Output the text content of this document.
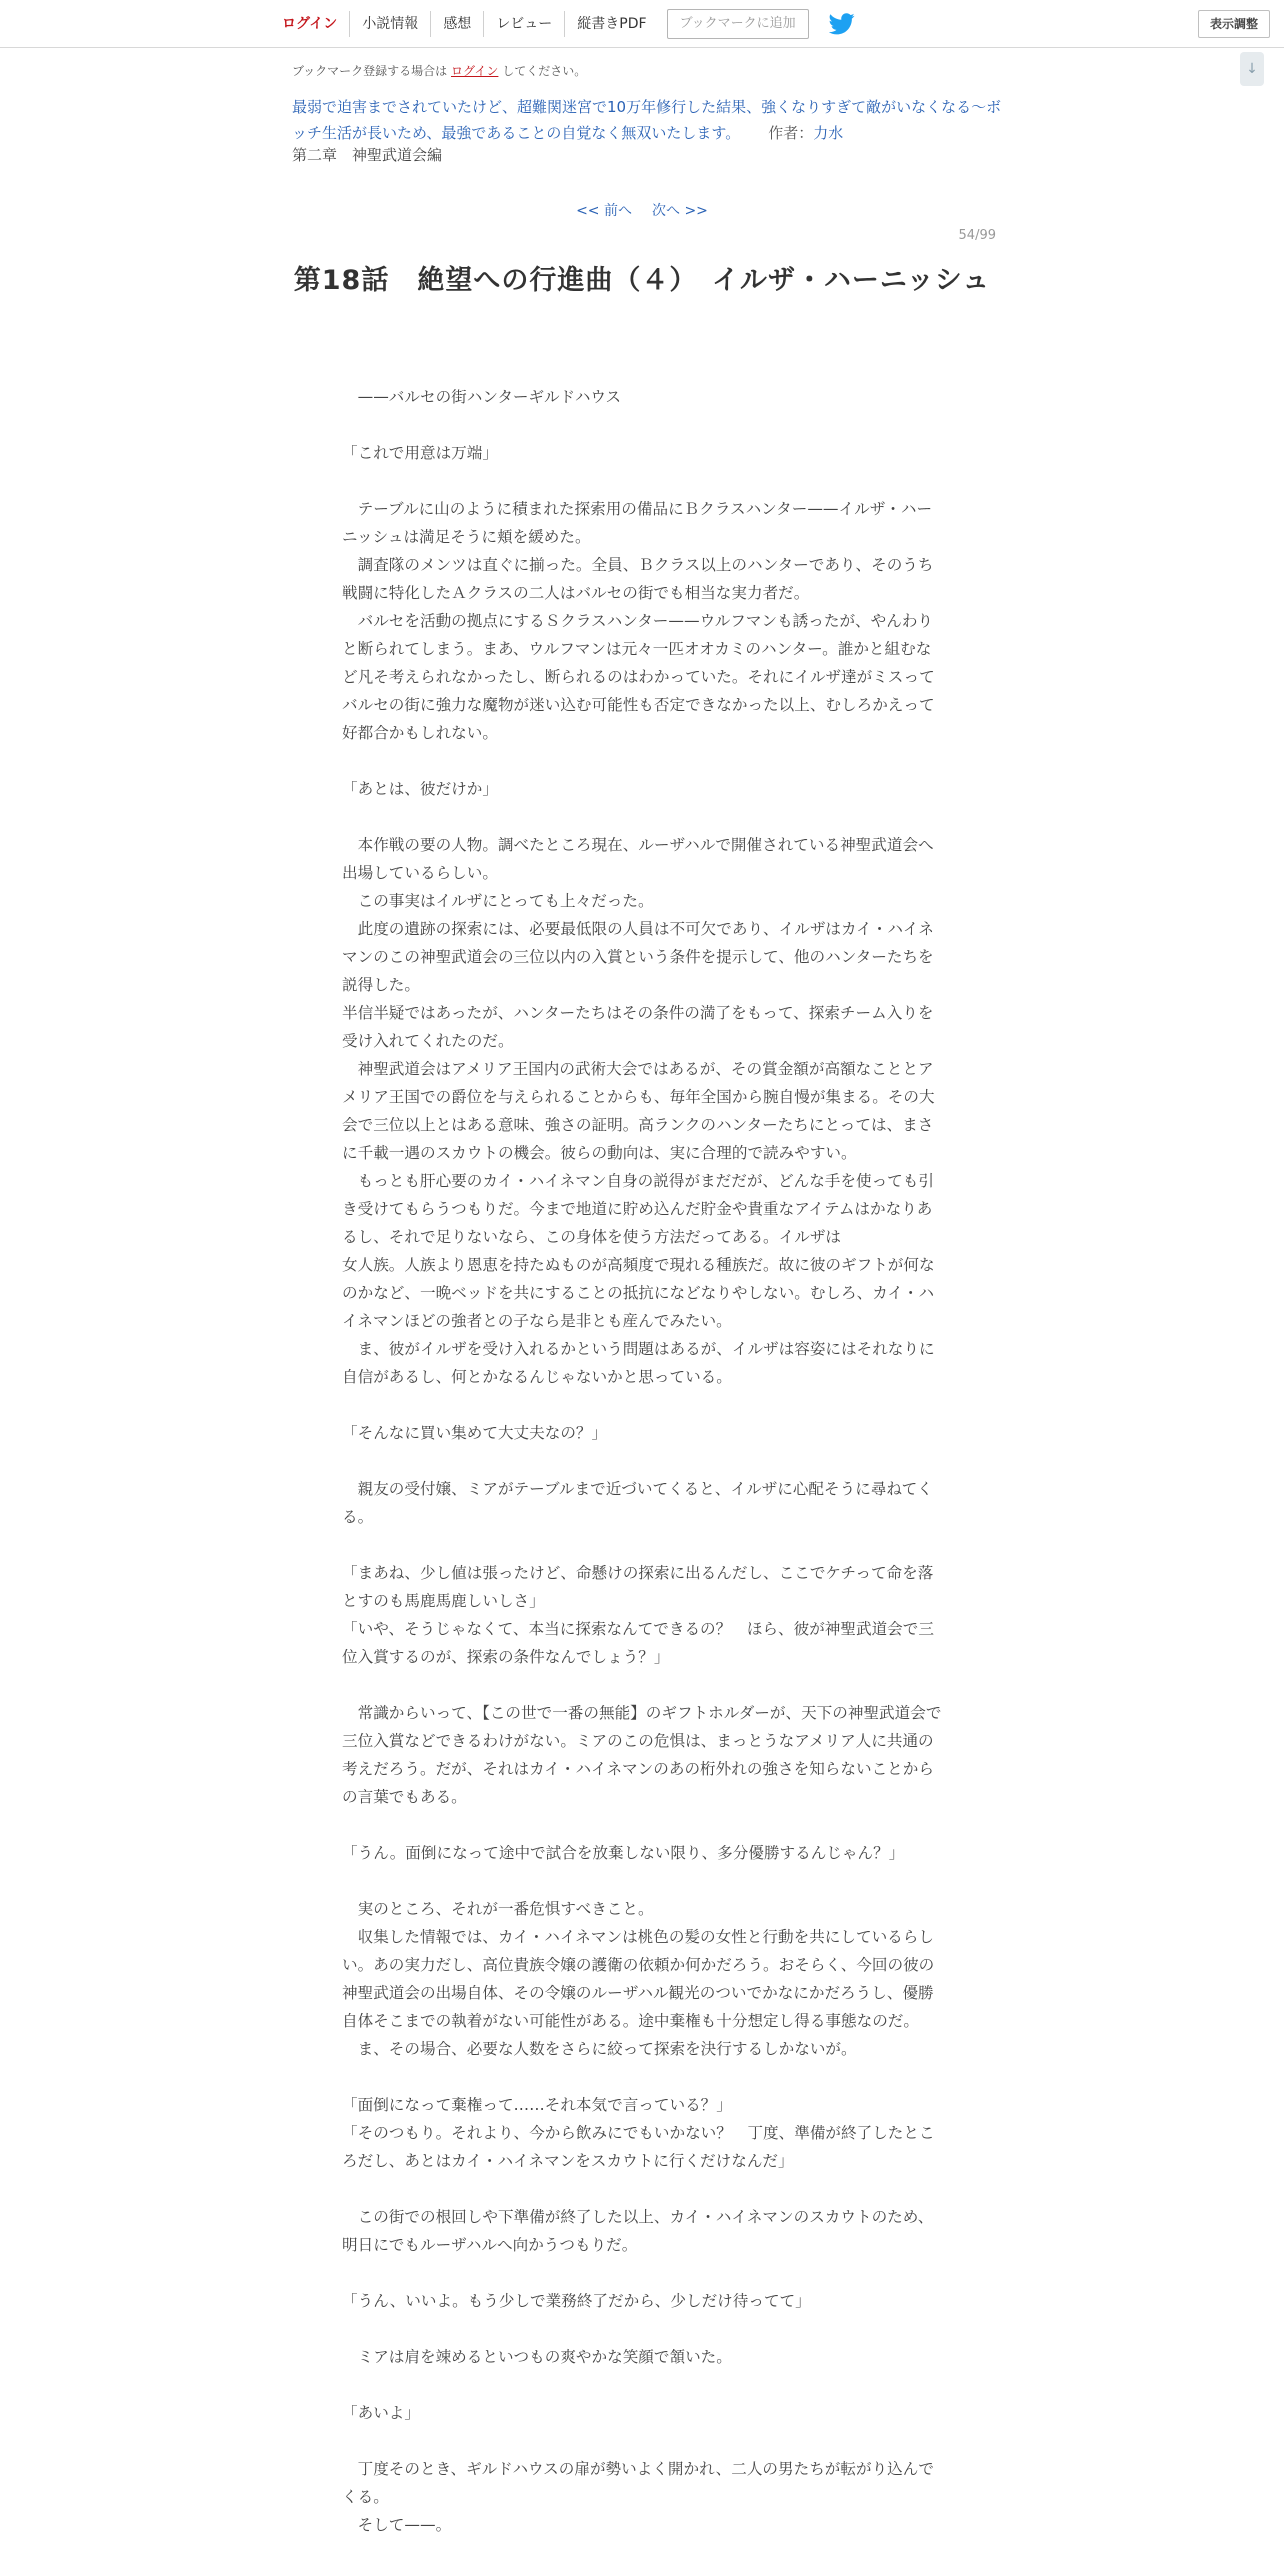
ログイン	小説情報	感想	レビュー	縦書きPDF	ブックマークに追加	表示調整
↓
ブックマーク登録する場合は ログイン してください。
最弱で迫害までされていたけど、超難関迷宮で10万年修行した結果、強くなりすぎて敵がいなくなる～ボッチ生活が長いため、最強であることの自覚なく無双いたします。 作者：力水
第二章　神聖武道会編
<< 前へ 次へ >>
54/99
第18話　絶望への行進曲（４）　イルザ・ハーニッシュ

　——バルセの街ハンターギルドハウス

「これで用意は万端」

　テーブルに山のように積まれた探索用の備品にＢクラスハンター——イルザ・ハーニッシュは満足そうに頬を緩めた。

　調査隊のメンツは直ぐに揃った。全員、Ｂクラス以上のハンターであり、そのうち戦闘に特化したＡクラスの二人はバルセの街でも相当な実力者だ。

　バルセを活動の拠点にするＳクラスハンター——ウルフマンも誘ったが、やんわりと断られてしまう。まあ、ウルフマンは元々一匹オオカミのハンター。誰かと組むなど凡そ考えられなかったし、断られるのはわかっていた。それにイルザ達がミスってバルセの街に強力な魔物が迷い込む可能性も否定できなかった以上、むしろかえって好都合かもしれない。

「あとは、彼だけか」

　本作戦の要の人物。調べたところ現在、ルーザハルで開催されている神聖武道会へ出場しているらしい。

　この事実はイルザにとっても上々だった。

　此度の遺跡の探索には、必要最低限の人員は不可欠であり、イルザはカイ・ハイネマンのこの神聖武道会の三位以内の入賞という条件を提示して、他のハンターたちを説得した。

半信半疑ではあったが、ハンターたちはその条件の満了をもって、探索チーム入りを受け入れてくれたのだ。

　神聖武道会はアメリア王国内の武術大会ではあるが、その賞金額が高額なこととアメリア王国での爵位を与えられることからも、毎年全国から腕自慢が集まる。その大会で三位以上とはある意味、強さの証明。高ランクのハンターたちにとっては、まさに千載一遇のスカウトの機会。彼らの動向は、実に合理的で読みやすい。

　もっとも肝心要のカイ・ハイネマン自身の説得がまだだが、どんな手を使っても引き受けてもらうつもりだ。今まで地道に貯め込んだ貯金や貴重なアイテムはかなりあるし、それで足りないなら、この身体を使う方法だってある。イルザは

女人族。人族より恩恵を持たぬものが高頻度で現れる種族だ。故に彼のギフトが何なのかなど、一晩ベッドを共にすることの抵抗になどなりやしない。むしろ、カイ・ハイネマンほどの強者との子なら是非とも産んでみたい。

　ま、彼がイルザを受け入れるかという問題はあるが、イルザは容姿にはそれなりに自信があるし、何とかなるんじゃないかと思っている。

「そんなに買い集めて大丈夫なの？」

　親友の受付嬢、ミアがテーブルまで近づいてくると、イルザに心配そうに尋ねてくる。

「まあね、少し値は張ったけど、命懸けの探索に出るんだし、ここでケチって命を落とすのも馬鹿馬鹿しいしさ」

「いや、そうじゃなくて、本当に探索なんてできるの？　ほら、彼が神聖武道会で三位入賞するのが、探索の条件なんでしょう？」

　常識からいって、【この世で一番の無能】のギフトホルダーが、天下の神聖武道会で三位入賞などできるわけがない。ミアのこの危惧は、まっとうなアメリア人に共通の考えだろう。だが、それはカイ・ハイネマンのあの桁外れの強さを知らないことからの言葉でもある。

「うん。面倒になって途中で試合を放棄しない限り、多分優勝するんじゃん？」

　実のところ、それが一番危惧すべきこと。

　収集した情報では、カイ・ハイネマンは桃色の髪の女性と行動を共にしているらしい。あの実力だし、高位貴族令嬢の護衛の依頼か何かだろう。おそらく、今回の彼の神聖武道会の出場自体、その令嬢のルーザハル観光のついでかなにかだろうし、優勝自体そこまでの執着がない可能性がある。途中棄権も十分想定し得る事態なのだ。

　ま、その場合、必要な人数をさらに絞って探索を決行するしかないが。

「面倒になって棄権って……それ本気で言っている？」

「そのつもり。それより、今から飲みにでもいかない？　丁度、準備が終了したところだし、あとはカイ・ハイネマンをスカウトに行くだけなんだ」

　この街での根回しや下準備が終了した以上、カイ・ハイネマンのスカウトのため、明日にでもルーザハルへ向かうつもりだ。

「うん、いいよ。もう少しで業務終了だから、少しだけ待ってて」

　ミアは肩を竦めるといつもの爽やかな笑顔で頷いた。

「あいよ」

　丁度そのとき、ギルドハウスの扉が勢いよく開かれ、二人の男たちが転がり込んでくる。

　そして——。
